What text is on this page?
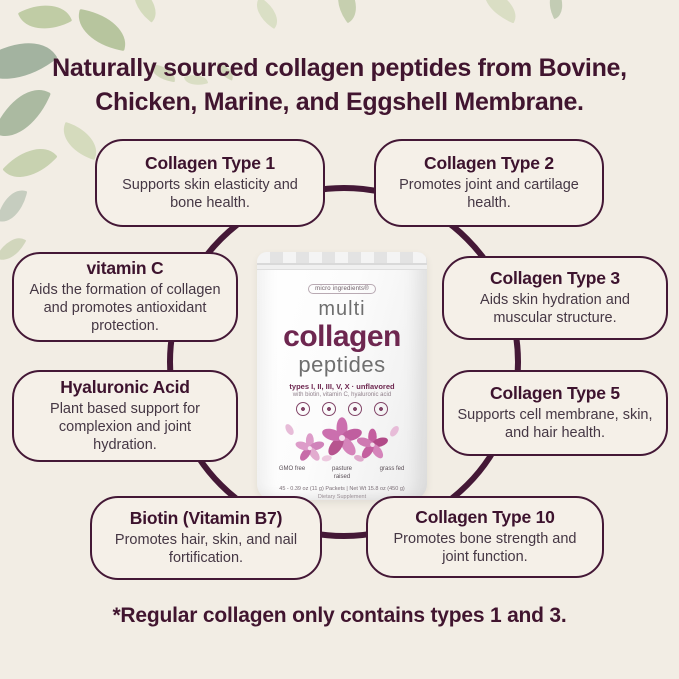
Naturally sourced collagen peptides from Bovine,
Chicken, Marine, and Eggshell Membrane.
Collagen Type 1
Supports skin elasticity and bone health.
Collagen Type 2
Promotes joint and cartilage health.
vitamin C
Aids the formation of collagen and promotes antioxidant protection.
Collagen Type 3
Aids skin hydration and muscular structure.
Hyaluronic Acid
Plant based support for complexion and joint hydration.
Collagen Type 5
Supports cell membrane, skin, and hair health.
Biotin (Vitamin B7)
Promotes hair, skin, and nail fortification.
Collagen Type 10
Promotes bone strength and joint function.
micro ingredients®
multi
collagen
peptides
types I, II, III, V, X · unflavored
with biotin, vitamin C, hyaluronic acid
GMO free	pasture raised
grass fed
45 - 0.39 oz (11 g) Packets | Net Wt 15.8 oz (450 g)
Dietary Supplement
*Regular collagen only contains types 1 and 3.
